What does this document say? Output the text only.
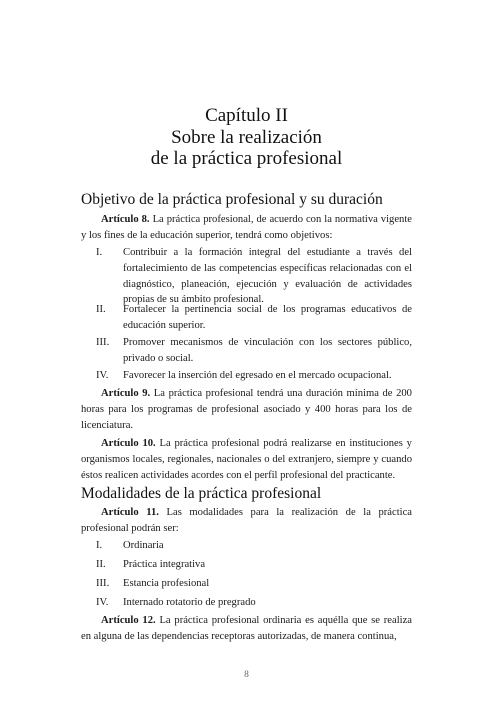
Capítulo II
Sobre la realización
de la práctica profesional
Objetivo de la práctica profesional y su duración
Artículo 8. La práctica profesional, de acuerdo con la normativa vigente y los fines de la educación superior, tendrá como objetivos:
I.	Contribuir a la formación integral del estudiante a través del fortalecimiento de las competencias específicas relacionadas con el diagnóstico, planeación, ejecución y evaluación de actividades propias de su ámbito profesional.
II.	Fortalecer la pertinencia social de los programas educativos de educación superior.
III.	Promover mecanismos de vinculación con los sectores público, privado o social.
IV.	Favorecer la inserción del egresado en el mercado ocupacional.
Artículo 9. La práctica profesional tendrá una duración mínima de 200 horas para los programas de profesional asociado y 400 horas para los de licenciatura.
Artículo 10. La práctica profesional podrá realizarse en instituciones y organismos locales, regionales, nacionales o del extranjero, siempre y cuando éstos realicen actividades acordes con el perfil profesional del practicante.
Modalidades de la práctica profesional
Artículo 11. Las modalidades para la realización de la práctica profesional podrán ser:
I.	Ordinaria
II.	Práctica integrativa
III.	Estancia profesional
IV.	Internado rotatorio de pregrado
Artículo 12. La práctica profesional ordinaria es aquélla que se realiza en alguna de las dependencias receptoras autorizadas, de manera continua,
8
